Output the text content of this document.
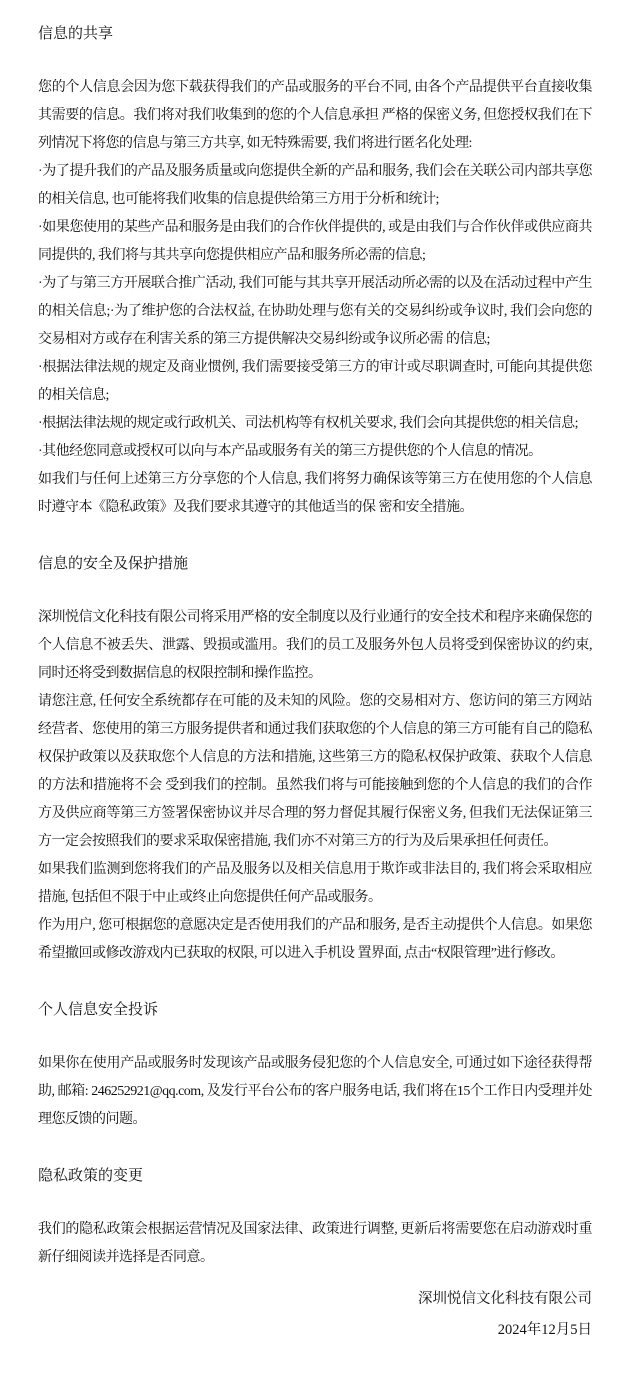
信息的共享

您的个人信息会因为您下载获得我们的产品或服务的平台不同, 由各个产品提供平台直接收集其需要的信息。我们将对我们收集到的您的个人信息承担 严格的保密义务, 但您授权我们在下列情况下将您的信息与第三方共享, 如无特殊需要, 我们将进行匿名化处理:

·为了提升我们的产品及服务质量或向您提供全新的产品和服务, 我们会在关联公司内部共享您的相关信息, 也可能将我们收集的信息提供给第三方用于分析和统计;

·如果您使用的某些产品和服务是由我们的合作伙伴提供的, 或是由我们与合作伙伴或供应商共同提供的, 我们将与其共享向您提供相应产品和服务所必需的信息;

·为了与第三方开展联合推广活动, 我们可能与其共享开展活动所必需的以及在活动过程中产生的相关信息;·为了维护您的合法权益, 在协助处理与您有关的交易纠纷或争议时, 我们会向您的交易相对方或存在利害关系的第三方提供解决交易纠纷或争议所必需 的信息;

·根据法律法规的规定及商业惯例, 我们需要接受第三方的审计或尽职调查时, 可能向其提供您的相关信息;

·根据法律法规的规定或行政机关、司法机构等有权机关要求, 我们会向其提供您的相关信息;

·其他经您同意或授权可以向与本产品或服务有关的第三方提供您的个人信息的情况。

如我们与任何上述第三方分享您的个人信息, 我们将努力确保该等第三方在使用您的个人信息时遵守本《隐私政策》及我们要求其遵守的其他适当的保 密和安全措施。

信息的安全及保护措施

深圳悦信文化科技有限公司将采用严格的安全制度以及行业通行的安全技术和程序来确保您的个人信息不被丢失、泄露、毁损或滥用。我们的员工及服务外包人员将受到保密协议的约束, 同时还将受到数据信息的权限控制和操作监控。

请您注意, 任何安全系统都存在可能的及未知的风险。您的交易相对方、您访问的第三方网站经营者、您使用的第三方服务提供者和通过我们获取您的个人信息的第三方可能有自己的隐私权保护政策以及获取您个人信息的方法和措施, 这些第三方的隐私权保护政策、获取个人信息的方法和措施将不会 受到我们的控制。虽然我们将与可能接触到您的个人信息的我们的合作方及供应商等第三方签署保密协议并尽合理的努力督促其履行保密义务, 但我们无法保证第三方一定会按照我们的要求采取保密措施, 我们亦不对第三方的行为及后果承担任何责任。

如果我们监测到您将我们的产品及服务以及相关信息用于欺诈或非法目的, 我们将会采取相应措施, 包括但不限于中止或终止向您提供任何产品或服务。

作为用户, 您可根据您的意愿决定是否使用我们的产品和服务, 是否主动提供个人信息。如果您希望撤回或修改游戏内已获取的权限, 可以进入手机设 置界面, 点击“权限管理”进行修改。

个人信息安全投诉

如果你在使用产品或服务时发现该产品或服务侵犯您的个人信息安全, 可通过如下途径获得帮助, 邮箱: 246252921@qq.com, 及发行平台公布的客户服务电话, 我们将在15个工作日内受理并处理您反馈的问题。

隐私政策的变更

我们的隐私政策会根据运营情况及国家法律、政策进行调整, 更新后将需要您在启动游戏时重新仔细阅读并选择是否同意。

深圳悦信文化科技有限公司
2024年12月5日
